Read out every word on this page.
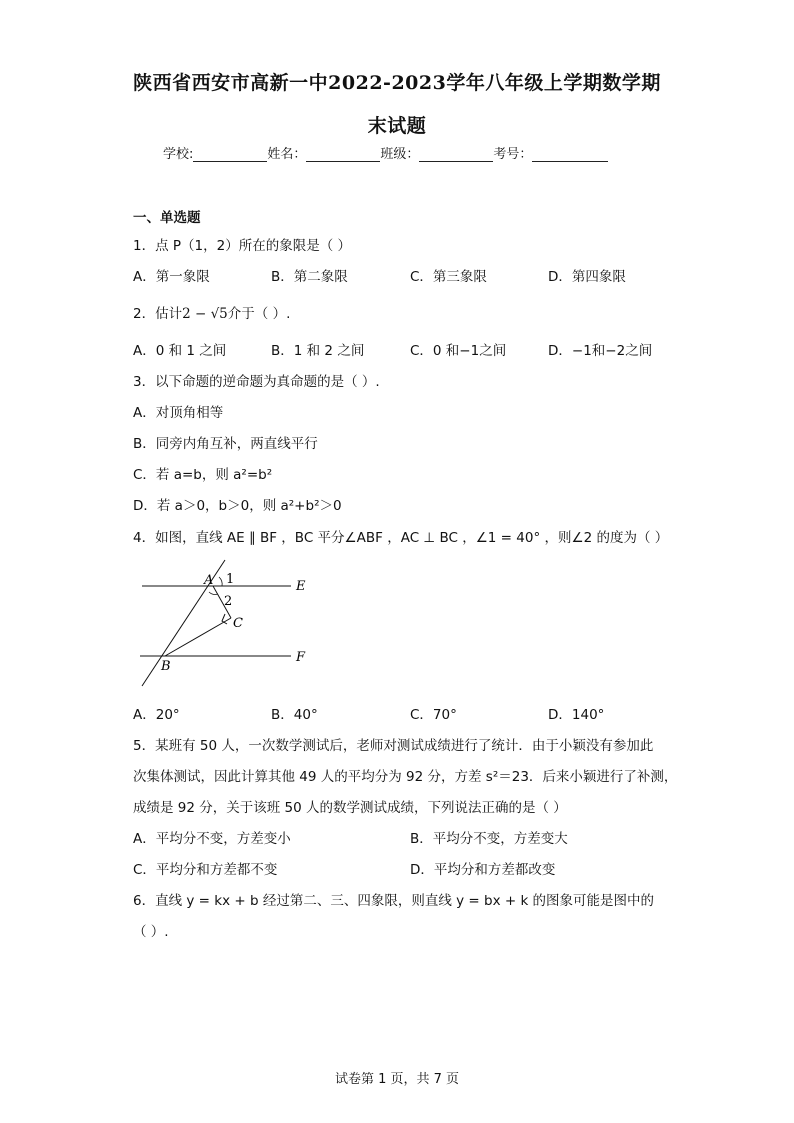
陕西省西安市高新一中2022-2023学年八年级上学期数学期
末试题
学校:	姓名：	班级：	考号：
一、单选题
1．点 P（1，2）所在的象限是（ ）
A．第一象限	B．第二象限	C．第三象限	D．第四象限
2．估计2 − √5介于（ ）.
A．0 和 1 之间	B．1 和 2 之间	C．0 和−1之间	D．−1和−2之间
3．以下命题的逆命题为真命题的是（ ）.
A．对顶角相等
B．同旁内角互补，两直线平行
C．若 a=b，则 a²=b²
D．若 a＞0，b＞0，则 a²+b²＞0
4．如图，直线 AE ∥ BF ，BC 平分∠ABF ，AC ⊥ BC ，∠1 = 40° ，则∠2 的度为（ ）
A	E
B
F
C
1
2
A．20°	B．40°	C．70°	D．140°
5．某班有 50 人，一次数学测试后，老师对测试成绩进行了统计．由于小颖没有参加此
次集体测试，因此计算其他 49 人的平均分为 92 分，方差 s²＝23．后来小颖进行了补测，
成绩是 92 分，关于该班 50 人的数学测试成绩，下列说法正确的是（ ）
A．平均分不变，方差变小	B．平均分不变，方差变大
C．平均分和方差都不变	D．平均分和方差都改变
6．直线 y = kx + b 经过第二、三、四象限，则直线 y = bx + k 的图象可能是图中的
（ ）.
试卷第 1 页，共 7 页
